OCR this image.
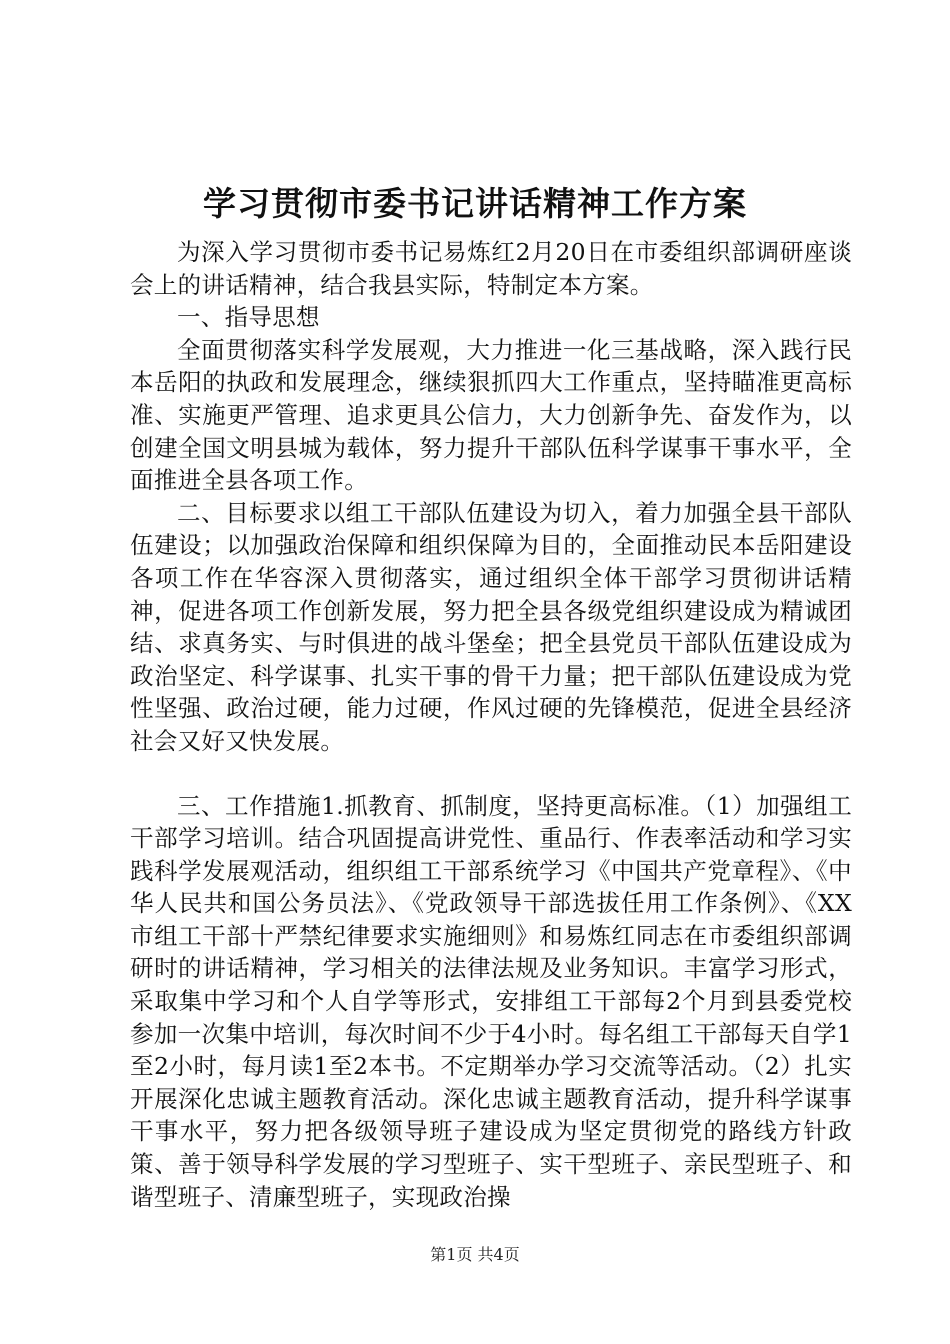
学习贯彻市委书记讲话精神工作方案

为深入学习贯彻市委书记易炼红2月20日在市委组织部调研座谈会上的讲话精神，结合我县实际，特制定本方案。

一、指导思想

全面贯彻落实科学发展观，大力推进一化三基战略，深入践行民本岳阳的执政和发展理念，继续狠抓四大工作重点，坚持瞄准更高标准、实施更严管理、追求更具公信力，大力创新争先、奋发作为，以创建全国文明县城为载体，努力提升干部队伍科学谋事干事水平，全面推进全县各项工作。

二、目标要求以组工干部队伍建设为切入，着力加强全县干部队伍建设；以加强政治保障和组织保障为目的，全面推动民本岳阳建设各项工作在华容深入贯彻落实，通过组织全体干部学习贯彻讲话精神，促进各项工作创新发展，努力把全县各级党组织建设成为精诚团结、求真务实、与时俱进的战斗堡垒；把全县党员干部队伍建设成为政治坚定、科学谋事、扎实干事的骨干力量；把干部队伍建设成为党性坚强、政治过硬，能力过硬，作风过硬的先锋模范，促进全县经济社会又好又快发展。

三、工作措施1.抓教育、抓制度，坚持更高标准。（1）加强组工干部学习培训。结合巩固提高讲党性、重品行、作表率活动和学习实践科学发展观活动，组织组工干部系统学习《中国共产党章程》、《中华人民共和国公务员法》、《党政领导干部选拔任用工作条例》、《XX市组工干部十严禁纪律要求实施细则》和易炼红同志在市委组织部调研时的讲话精神，学习相关的法律法规及业务知识。丰富学习形式，采取集中学习和个人自学等形式，安排组工干部每2个月到县委党校参加一次集中培训，每次时间不少于4小时。每名组工干部每天自学1至2小时，每月读1至2本书。不定期举办学习交流等活动。（2）扎实开展深化忠诚主题教育活动。深化忠诚主题教育活动，提升科学谋事干事水平，努力把各级领导班子建设成为坚定贯彻党的路线方针政策、善于领导科学发展的学习型班子、实干型班子、亲民型班子、和谐型班子、清廉型班子，实现政治操

第1页 共4页
